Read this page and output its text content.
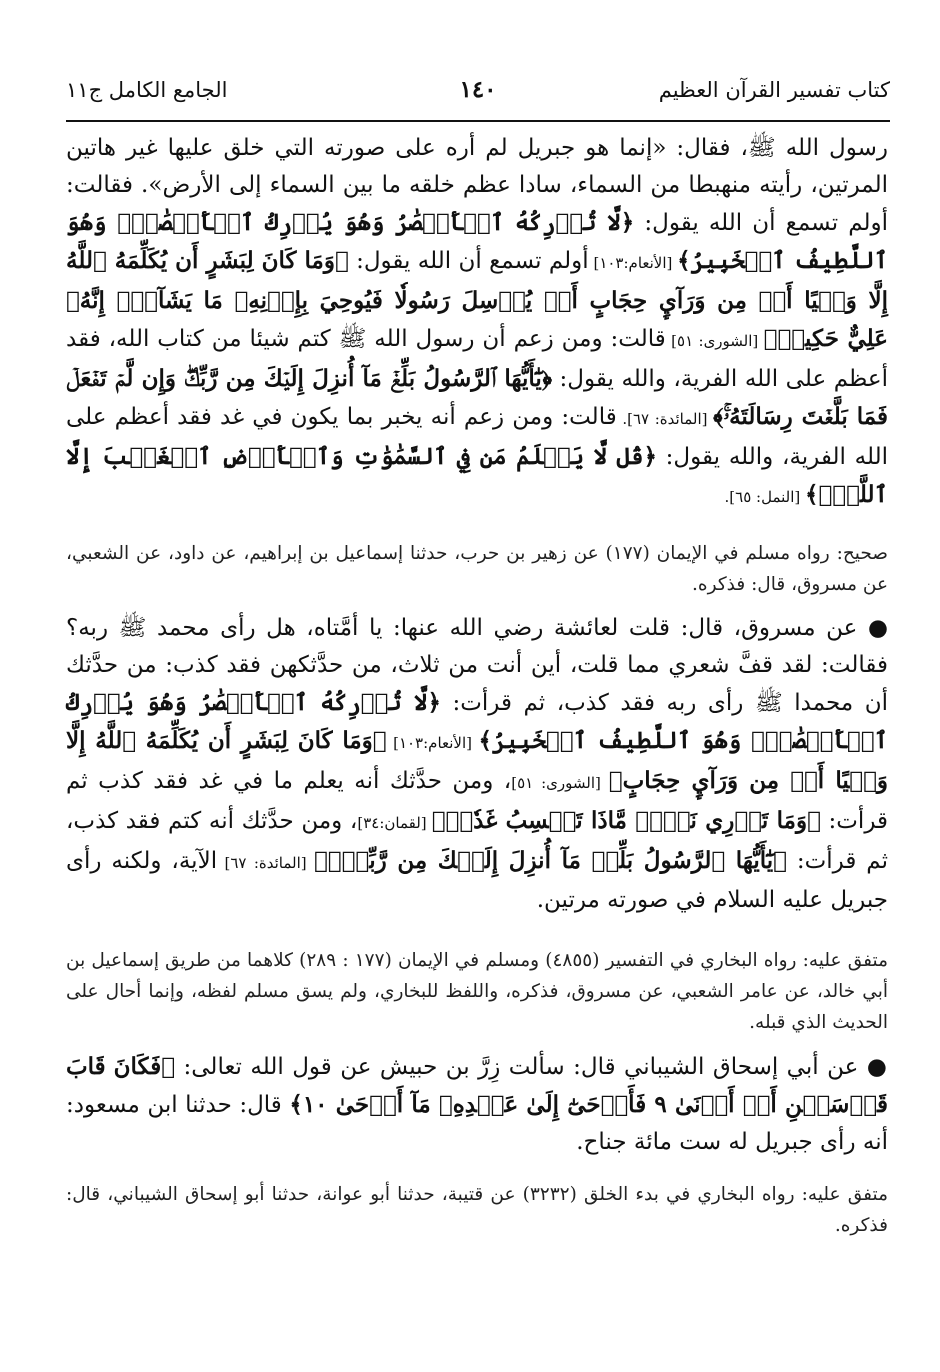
كتاب تفسير القرآن العظيم
١٤٠
الجامع الكامل ج١١

رسول الله ﷺ، فقال: «إنما هو جبريل لم أره على صورته التي خلق عليها غير هاتين المرتين، رأيته منهبطا من السماء، سادا عظم خلقه ما بين السماء إلى الأرض». فقالت: أولم تسمع أن الله يقول: ﴿لَّا تُدۡرِكُهُ ٱلۡأَبۡصَٰرُ وَهُوَ يُدۡرِكُ ٱلۡأَبۡصَٰرَۖ وَهُوَ ٱللَّطِيفُ ٱلۡخَبِيرُ﴾ [الأنعام:١٠٣] أولم تسمع أن الله يقول: ﴿وَمَا كَانَ لِبَشَرٍ أَن يُكَلِّمَهُ ٱللَّهُ إِلَّا وَحۡيًا أَوۡ مِن وَرَآيِٕ حِجَابٍ أَوۡ يُرۡسِلَ رَسُولٗا فَيُوحِيَ بِإِذۡنِهِۦ مَا يَشَآءُۚ إِنَّهُۥ عَلِيٌّ حَكِيمٞ﴾ [الشورى: ٥١] قالت: ومن زعم أن رسول الله ﷺ كتم شيئا من كتاب الله، فقد أعظم على الله الفرية، والله يقول: ﴿يَٰٓأَيُّهَا ٱلرَّسُولُ بَلِّغۡ مَآ أُنزِلَ إِلَيۡكَ مِن رَّبِّكَۖ وَإِن لَّمۡ تَفۡعَلۡ فَمَا بَلَّغۡتَ رِسَالَتَهُۥۚ﴾ [المائدة: ٦٧]. قالت: ومن زعم أنه يخبر بما يكون في غد فقد أعظم على الله الفرية، والله يقول: ﴿قُل لَّا يَعۡلَمُ مَن فِي ٱلسَّمَٰوَٰتِ وَٱلۡأَرۡضِ ٱلۡغَيۡبَ إِلَّا ٱللَّهُۚ﴾ [النمل: ٦٥].

صحيح: رواه مسلم في الإيمان (١٧٧) عن زهير بن حرب، حدثنا إسماعيل بن إبراهيم، عن داود، عن الشعبي، عن مسروق، قال: فذكره.

● عن مسروق، قال: قلت لعائشة رضي الله عنها: يا أمَّتاه، هل رأى محمد ﷺ ربه؟ فقالت: لقد قفَّ شعري مما قلت، أين أنت من ثلاث، من حدَّثكهن فقد كذب: من حدَّثك أن محمدا ﷺ رأى ربه فقد كذب، ثم قرأت: ﴿لَّا تُدۡرِكُهُ ٱلۡأَبۡصَٰرُ وَهُوَ يُدۡرِكُ ٱلۡأَبۡصَٰرَۖ وَهُوَ ٱللَّطِيفُ ٱلۡخَبِيرُ﴾ [الأنعام:١٠٣] ﴿وَمَا كَانَ لِبَشَرٍ أَن يُكَلِّمَهُ ٱللَّهُ إِلَّا وَحۡيًا أَوۡ مِن وَرَآيِٕ حِجَابٍ﴾ [الشورى: ٥١]، ومن حدَّثك أنه يعلم ما في غد فقد كذب ثم قرأت: ﴿وَمَا تَدۡرِي نَفۡسٞ مَّاذَا تَكۡسِبُ غَدٗاۖ﴾ [لقمان:٣٤]، ومن حدَّثك أنه كتم فقد كذب، ثم قرأت: ﴿يَٰٓأَيُّهَا ٱلرَّسُولُ بَلِّغۡ مَآ أُنزِلَ إِلَيۡكَ مِن رَّبِّكَۖ﴾ [المائدة: ٦٧] الآية، ولكنه رأى جبريل عليه السلام في صورته مرتين.

متفق عليه: رواه البخاري في التفسير (٤٨٥٥) ومسلم في الإيمان (١٧٧ : ٢٨٩) كلاهما من طريق إسماعيل بن أبي خالد، عن عامر الشعبي، عن مسروق، فذكره، واللفظ للبخاري، ولم يسق مسلم لفظه، وإنما أحال على الحديث الذي قبله.

● عن أبي إسحاق الشيباني قال: سألت زِرَّ بن حبيش عن قول الله تعالى: ﴿فَكَانَ قَابَ قَوۡسَيۡنِ أَوۡ أَدۡنَىٰ ٩ فَأَوۡحَىٰٓ إِلَىٰ عَبۡدِهِۦ مَآ أَوۡحَىٰ ١٠﴾ قال: حدثنا ابن مسعود: أنه رأى جبريل له ست مائة جناح.

متفق عليه: رواه البخاري في بدء الخلق (٣٢٣٢) عن قتيبة، حدثنا أبو عوانة، حدثنا أبو إسحاق الشيباني، قال: فذكره.
